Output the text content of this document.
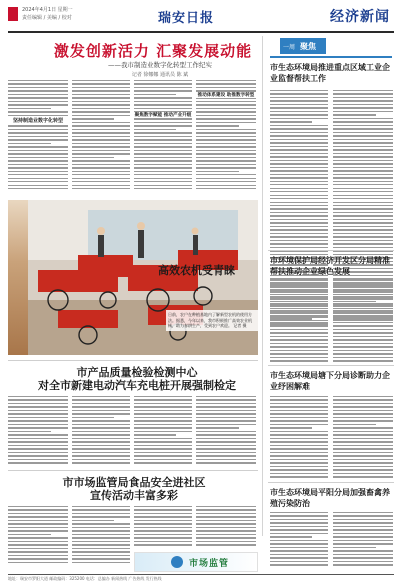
2024年4月1日 星期一
责任编辑 / 美编 / 校对	瑞安日报	经济新闻
激发创新活力 汇聚发展动能
——我市制造业数字化转型工作纪实
记者 徐娜娜 通讯员 陈 斌
坚持制造业数字化转型
聚焦数字赋能 推动产业升级
推动体系建设 助推数字转型
高效农机受青睐
日前，农户在种植基地内了解新型农机的使用方法。据悉，今年以来，我市积极推广高效农业机械，助力春耕生产，受到农户欢迎。 记者 摄
市产品质量检验检测中心
对全市新建电动汽车充电桩开展强制检定
市市场监管局食品安全进社区
宣传活动丰富多彩
市场监管
一周 聚焦
市生态环境局推进重点区域工业企业监督帮扶工作
市环境保护局经济开发区分局精准帮扶推动企业绿色发展
市生态环境局塘下分局诊断助力企业纾困解难
市生态环境局平阳分局加强畜禽养殖污染防治
地址：瑞安市罗阳大道 邮政编码：325200 电话：总编办 新闻热线 广告热线 发行热线
